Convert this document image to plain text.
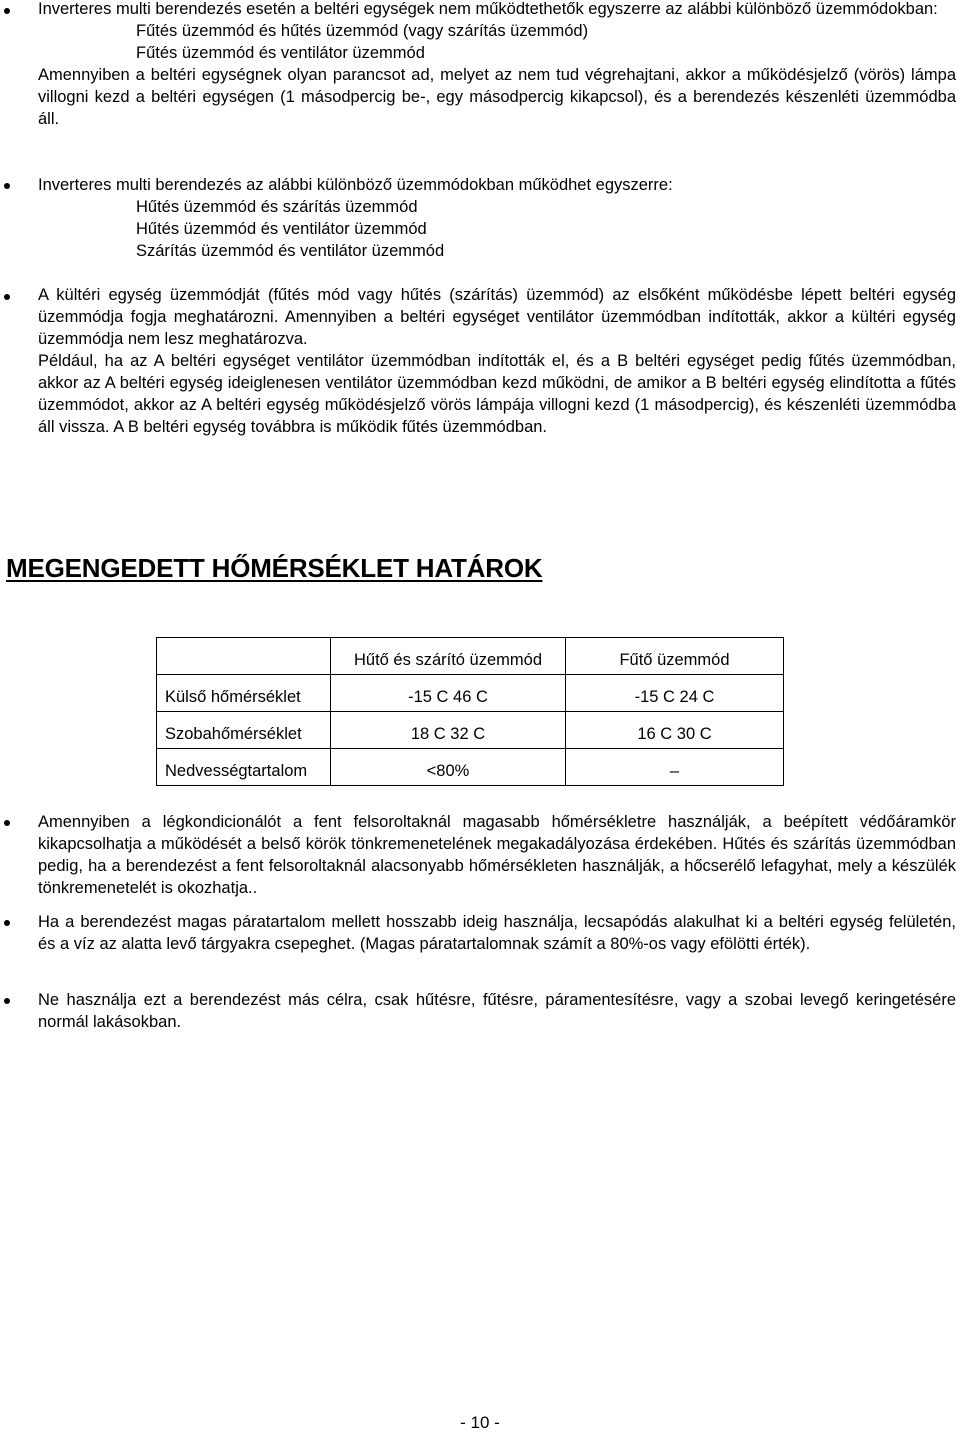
Inverteres multi berendezés esetén a beltéri egységek nem működtethetők egyszerre az alábbi különböző üzemmódokban:
Fűtés üzemmód és hűtés üzemmód (vagy szárítás üzemmód)
Fűtés üzemmód és ventilátor üzemmód
Amennyiben a beltéri egységnek olyan parancsot ad, melyet az nem tud végrehajtani, akkor a működésjelző (vörös) lámpa villogni kezd a beltéri egységen (1 másodpercig be-, egy másodpercig kikapcsol), és a berendezés készenléti üzemmódba áll.
Inverteres multi berendezés az alábbi különböző üzemmódokban működhet egyszerre:
Hűtés üzemmód és szárítás üzemmód
Hűtés üzemmód és ventilátor üzemmód
Szárítás üzemmód és ventilátor üzemmód
A kültéri egység üzemmódját (fűtés mód vagy hűtés (szárítás) üzemmód) az elsőként működésbe lépett beltéri egység üzemmódja fogja meghatározni. Amennyiben a beltéri egységet ventilátor üzemmódban indították, akkor a kültéri egység üzemmódja nem lesz meghatározva.
Például, ha az A beltéri egységet ventilátor üzemmódban indították el, és a B beltéri egységet pedig fűtés üzemmódban, akkor az A beltéri egység ideiglenesen ventilátor üzemmódban kezd működni, de amikor a B beltéri egység elindította a fűtés üzemmódot, akkor az A beltéri egység működésjelző vörös lámpája villogni kezd (1 másodpercig), és készenléti üzemmódba áll vissza. A B beltéri egység továbbra is működik fűtés üzemmódban.
MEGENGEDETT HŐMÉRSÉKLET HATÁROK
	Hűtő és szárító üzemmód	Fűtő üzemmód
Külső hőmérséklet	-15 C 46 C	-15 C 24 C
Szobahőmérséklet	18 C 32 C	16 C 30 C
Nedvességtartalom	<80%	–
Amennyiben a légkondicionálót a fent felsoroltaknál magasabb hőmérsékletre használják, a beépített védőáramkör kikapcsolhatja a működését a belső körök tönkremenetelének megakadályozása érdekében. Hűtés és szárítás üzemmódban pedig, ha a berendezést a fent felsoroltaknál alacsonyabb hőmérsékleten használják, a hőcserélő lefagyhat, mely a készülék tönkremenetelét is okozhatja..
Ha a berendezést magas páratartalom mellett hosszabb ideig használja, lecsapódás alakulhat ki a beltéri egység felületén, és a víz az alatta levő tárgyakra csepeghet. (Magas páratartalomnak számít a 80%-os vagy efölötti érték).
Ne használja ezt a berendezést más célra, csak hűtésre, fűtésre, páramentesítésre, vagy a szobai levegő keringetésére normál lakásokban.
- 10 -
